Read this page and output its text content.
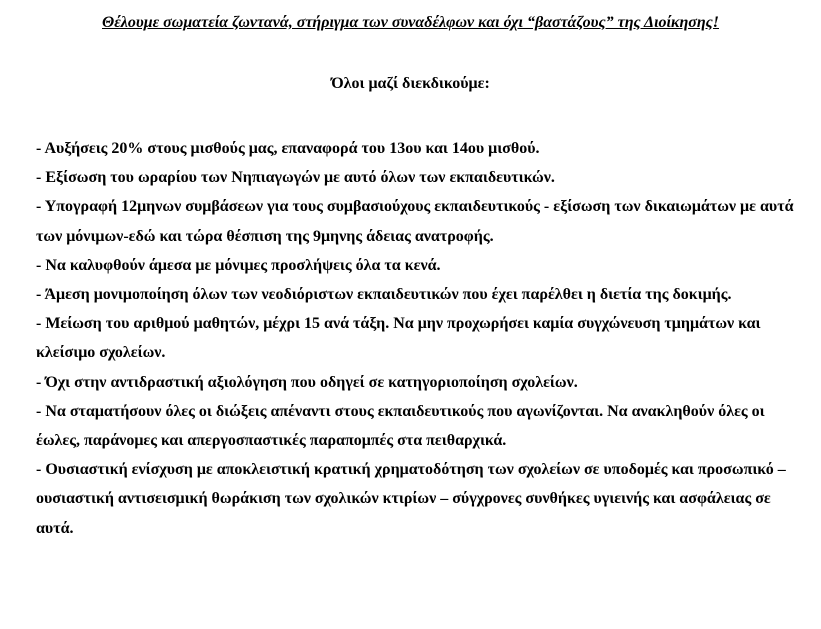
Θέλουμε σωματεία ζωντανά, στήριγμα των συναδέλφων και όχι “βαστάζους” της Διοίκησης!
Όλοι μαζί διεκδικούμε:
- Αυξήσεις 20% στους μισθούς μας, επαναφορά του 13ου και 14ου μισθού.
- Εξίσωση του ωραρίου των Νηπιαγωγών με αυτό όλων των εκπαιδευτικών.
- Υπογραφή 12μηνων συμβάσεων για τους συμβασιούχους εκπαιδευτικούς - εξίσωση των δικαιωμάτων με αυτά των μόνιμων-εδώ και τώρα θέσπιση της 9μηνης άδειας ανατροφής.
- Να καλυφθούν άμεσα με μόνιμες προσλήψεις όλα τα κενά.
- Άμεση μονιμοποίηση όλων των νεοδιόριστων εκπαιδευτικών που έχει παρέλθει η διετία της δοκιμής.
- Μείωση του αριθμού μαθητών, μέχρι 15 ανά τάξη. Να μην προχωρήσει καμία συγχώνευση τμημάτων και κλείσιμο σχολείων.
- Όχι στην αντιδραστική αξιολόγηση που οδηγεί σε κατηγοριοποίηση σχολείων.
- Να σταματήσουν όλες οι διώξεις απέναντι στους εκπαιδευτικούς που αγωνίζονται. Να ανακληθούν όλες οι έωλες, παράνομες και απεργοσπαστικές παραπομπές στα πειθαρχικά.
- Ουσιαστική ενίσχυση με αποκλειστική κρατική χρηματοδότηση των σχολείων σε υποδομές και προσωπικό – ουσιαστική αντισεισμική θωράκιση των σχολικών κτιρίων – σύγχρονες συνθήκες υγιεινής και ασφάλειας σε αυτά.
